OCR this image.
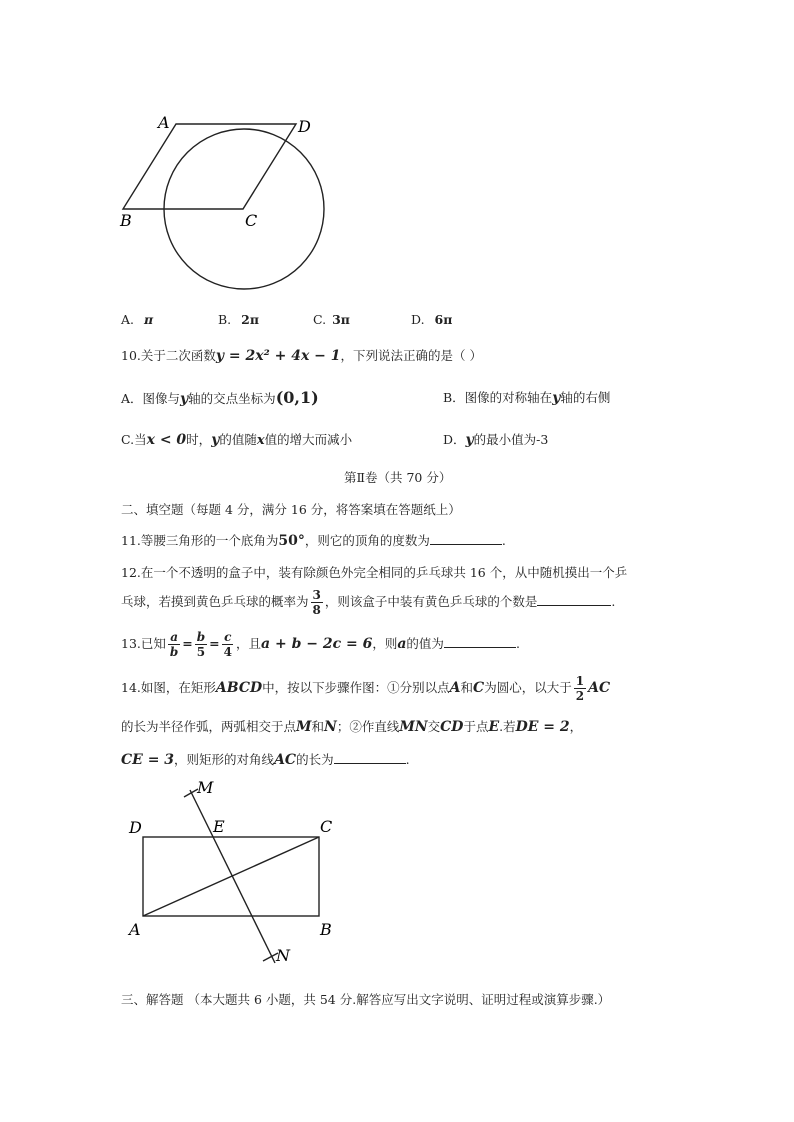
A	D
B	C
A. π	B. 2π	C. 3π	D. 6π
10.关于二次函数y = 2x² + 4x − 1，下列说法正确的是（ ）
A．图像与y轴的交点坐标为(0,1)	B．图像的对称轴在y轴的右侧
C.当x < 0时，y的值随x值的增大而减小	D．y的最小值为-3
第Ⅱ卷（共 70 分）
二、填空题（每题 4 分，满分 16 分，将答案填在答题纸上）
11.等腰三角形的一个底角为50°，则它的顶角的度数为	.
12.在一个不透明的盒子中，装有除颜色外完全相同的乒乓球共 16 个，从中随机摸出一个乒
乓球，若摸到黄色乒乓球的概率为 $\frac{3}{8}$ ，则该盒子中装有黄色乒乓球的个数是	.
13.已知 $\frac{a}{b} = \frac{b}{5} = \frac{c}{4}$ ，且a + b − 2c = 6，则a的值为	.
14.如图，在矩形ABCD中，按以下步骤作图：①分别以点A和C为圆心，以大于 $\frac{1}{2}$ AC
的长为半径作弧，两弧相交于点M和N；②作直线MN交CD于点E.若DE = 2，
CE = 3，则矩形的对角线AC的长为	.
M
E	C
D
A	B
N
三、解答题 （本大题共 6 小题，共 54 分.解答应写出文字说明、证明过程或演算步骤.）
